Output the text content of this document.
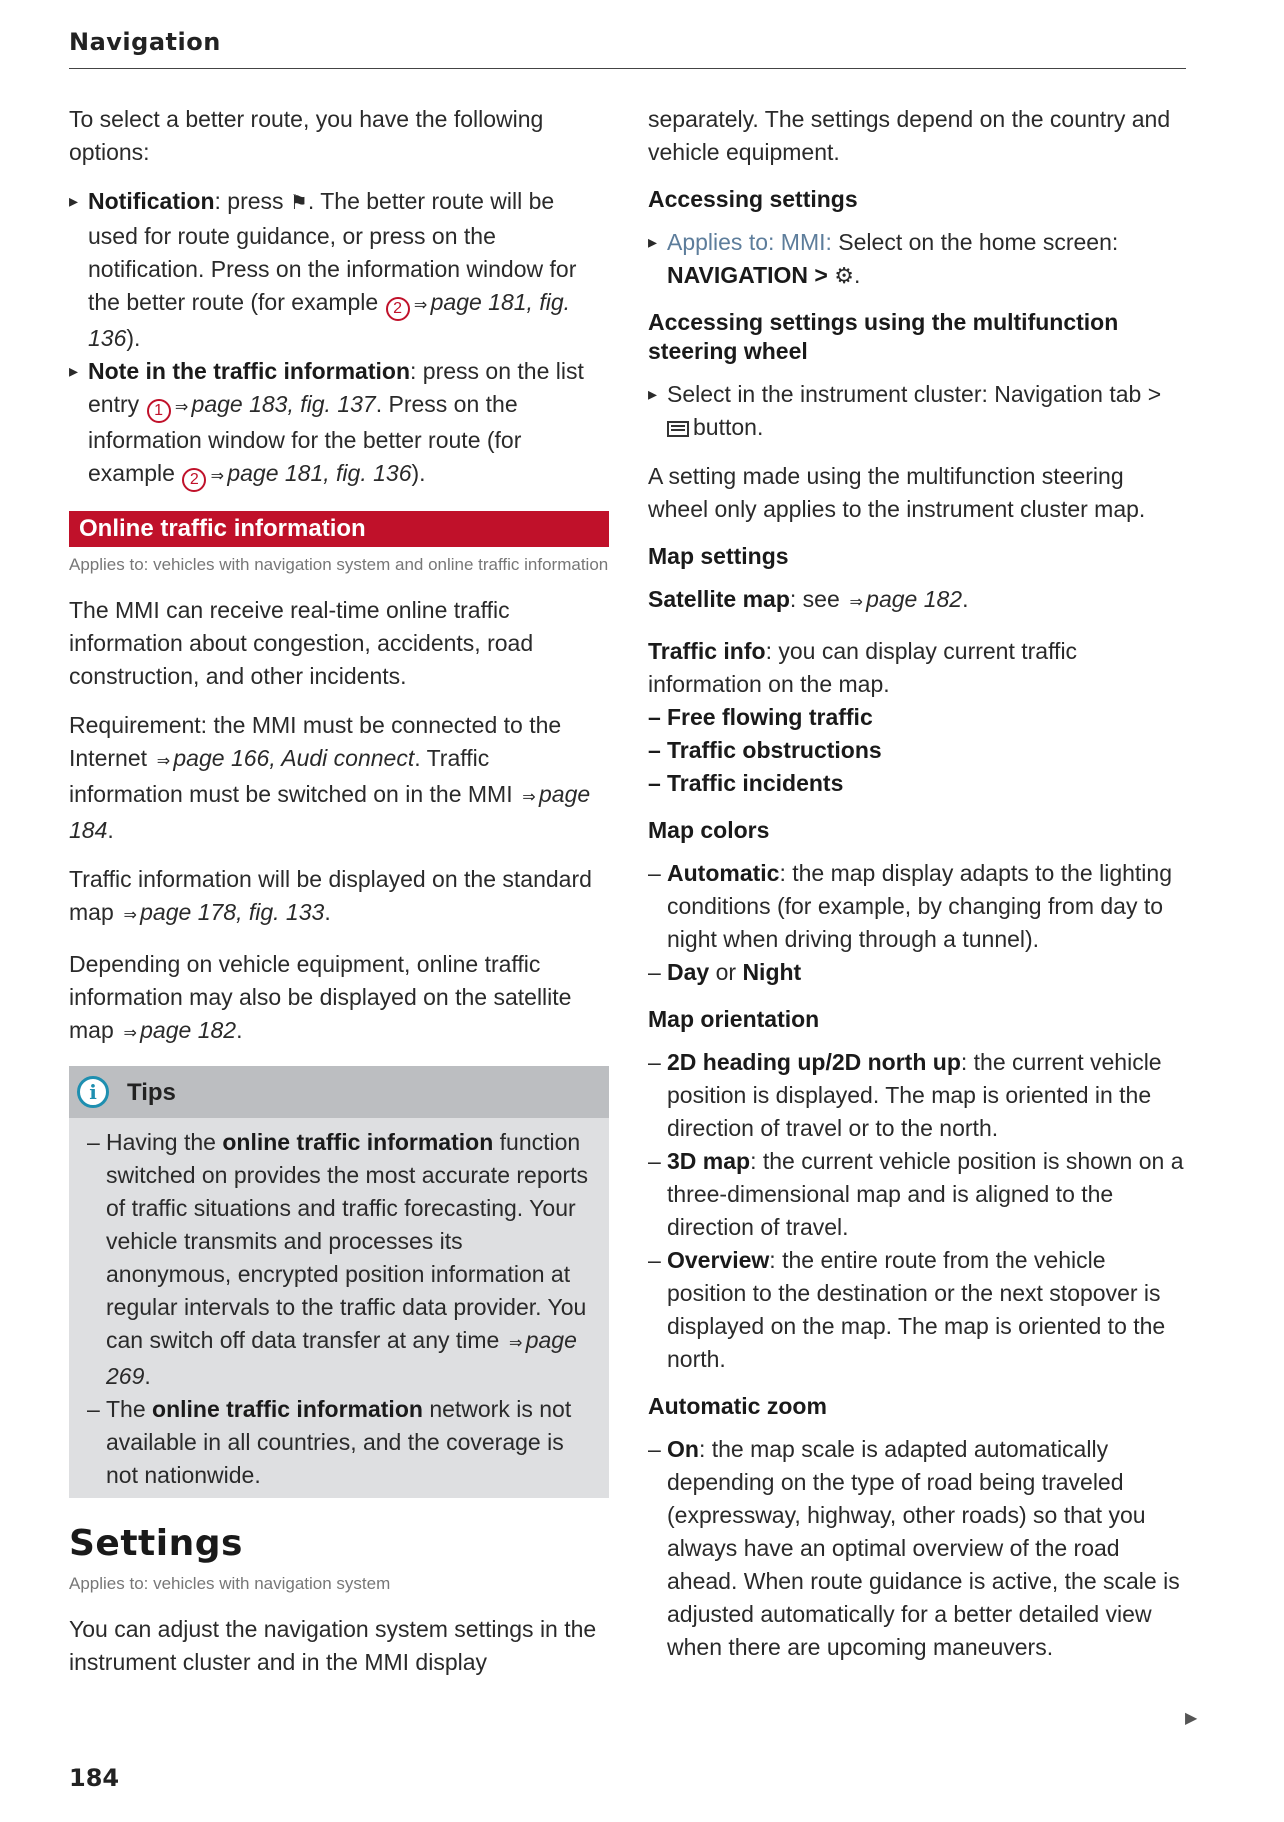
Navigation

To select a better route, you have the following options:

▸ Notification: press ⚑. The better route will be used for route guidance, or press on the notification. Press on the information window for the better route (for example 2 ⇒ page 181, fig. 136).
▸ Note in the traffic information: press on the list entry 1 ⇒ page 183, fig. 137. Press on the information window for the better route (for example 2 ⇒ page 181, fig. 136).
Online traffic information
Applies to: vehicles with navigation system and online traffic information

The MMI can receive real-time online traffic information about congestion, accidents, road construction, and other incidents.

Requirement: the MMI must be connected to the Internet ⇒ page 166, Audi connect. Traffic information must be switched on in the MMI ⇒ page 184.

Traffic information will be displayed on the standard map ⇒ page 178, fig. 133.

Depending on vehicle equipment, online traffic information may also be displayed on the satellite map ⇒ page 182.

i	Tips
– Having the online traffic information function switched on provides the most accurate reports of traffic situations and traffic forecasting. Your vehicle transmits and processes its anonymous, encrypted position information at regular intervals to the traffic data provider. You can switch off data transfer at any time ⇒ page 269.
– The online traffic information network is not available in all countries, and the coverage is not nationwide.
Settings
Applies to: vehicles with navigation system

You can adjust the navigation system settings in the instrument cluster and in the MMI display

separately. The settings depend on the country and vehicle equipment.

Accessing settings
▸ Applies to: MMI: Select on the home screen: NAVIGATION > ⚙.
Accessing settings using the multifunction steering wheel
▸ Select in the instrument cluster: Navigation tab > button.

A setting made using the multifunction steering wheel only applies to the instrument cluster map.

Map settings

Satellite map: see ⇒ page 182.

Traffic info: you can display current traffic information on the map.

– Free flowing traffic
– Traffic obstructions
– Traffic incidents
Map colors
– Automatic: the map display adapts to the lighting conditions (for example, by changing from day to night when driving through a tunnel).
– Day or Night
Map orientation
– 2D heading up/2D north up: the current vehicle position is displayed. The map is oriented in the direction of travel or to the north.
– 3D map: the current vehicle position is shown on a three-dimensional map and is aligned to the direction of travel.
– Overview: the entire route from the vehicle position to the destination or the next stopover is displayed on the map. The map is oriented to the north.
Automatic zoom
– On: the map scale is adapted automatically depending on the type of road being traveled (expressway, highway, other roads) so that you always have an optimal overview of the road ahead. When route guidance is active, the scale is adjusted automatically for a better detailed view when there are upcoming maneuvers.
▶
184
